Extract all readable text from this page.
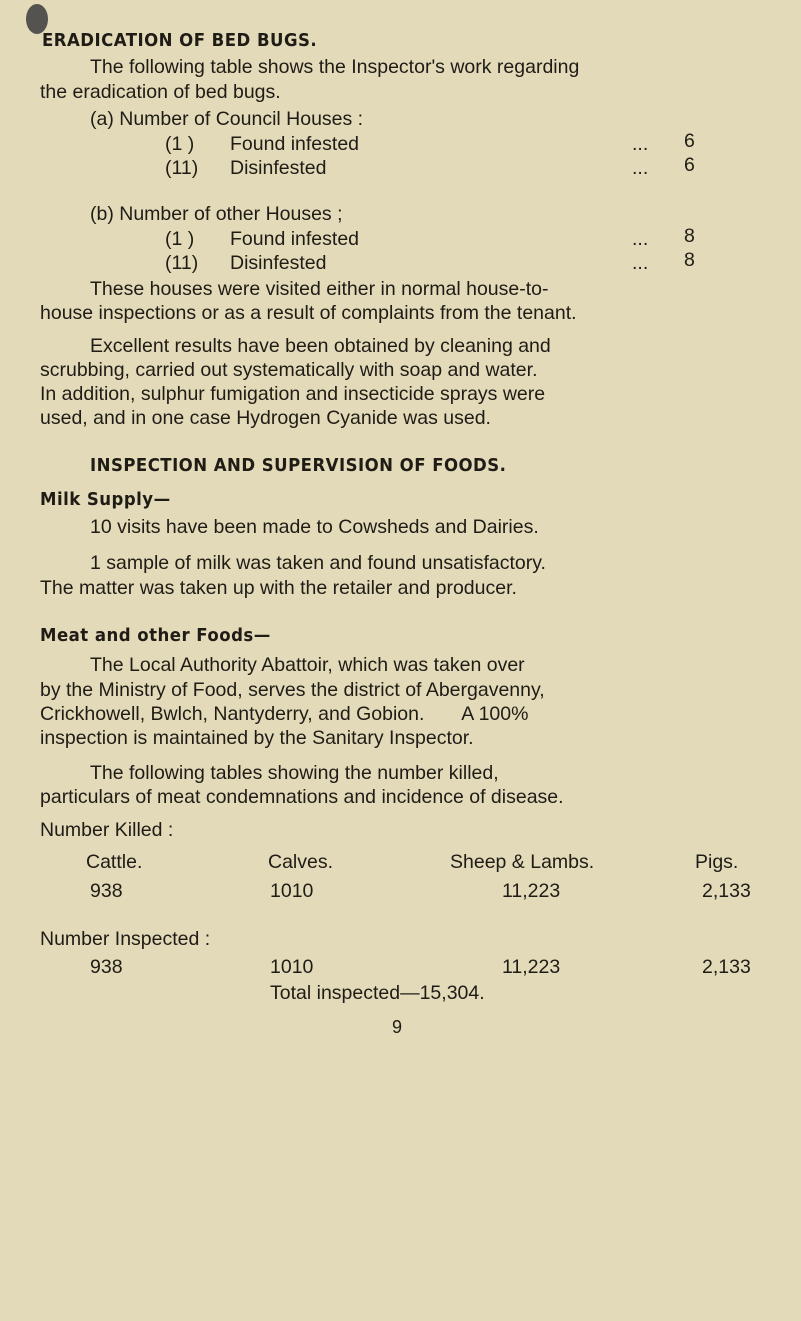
ERADICATION OF BED BUGS.
The following table shows the Inspector's work regarding
the eradication of bed bugs.
(a) Number of Council Houses :
(1 ) Found infested	... 6
(11) Disinfested	... 6
(b) Number of other Houses ;
(1 ) Found infested	... 8
(11) Disinfested	... 8
These houses were visited either in normal house-to-
house inspections or as a result of complaints from the tenant.
Excellent results have been obtained by cleaning and
scrubbing, carried out systematically with soap and water.
In addition, sulphur fumigation and insecticide sprays were
used, and in one case Hydrogen Cyanide was used.
INSPECTION AND SUPERVISION OF FOODS.
Milk Supply—
10 visits have been made to Cowsheds and Dairies.
1 sample of milk was taken and found unsatisfactory.
The matter was taken up with the retailer and producer.
Meat and other Foods—
The Local Authority Abattoir, which was taken over
by the Ministry of Food, serves the district of Abergavenny,
Crickhowell, Bwlch, Nantyderry, and Gobion.       A 100%
inspection is maintained by the Sanitary Inspector.
The following tables showing the number killed,
particulars of meat condemnations and incidence of disease.
Number Killed :
Cattle.	Calves.	Sheep & Lambs.	Pigs.
938	1010	11,223	2,133
Number Inspected :
938	1010	11,223	2,133
Total inspected—15,304.
9
